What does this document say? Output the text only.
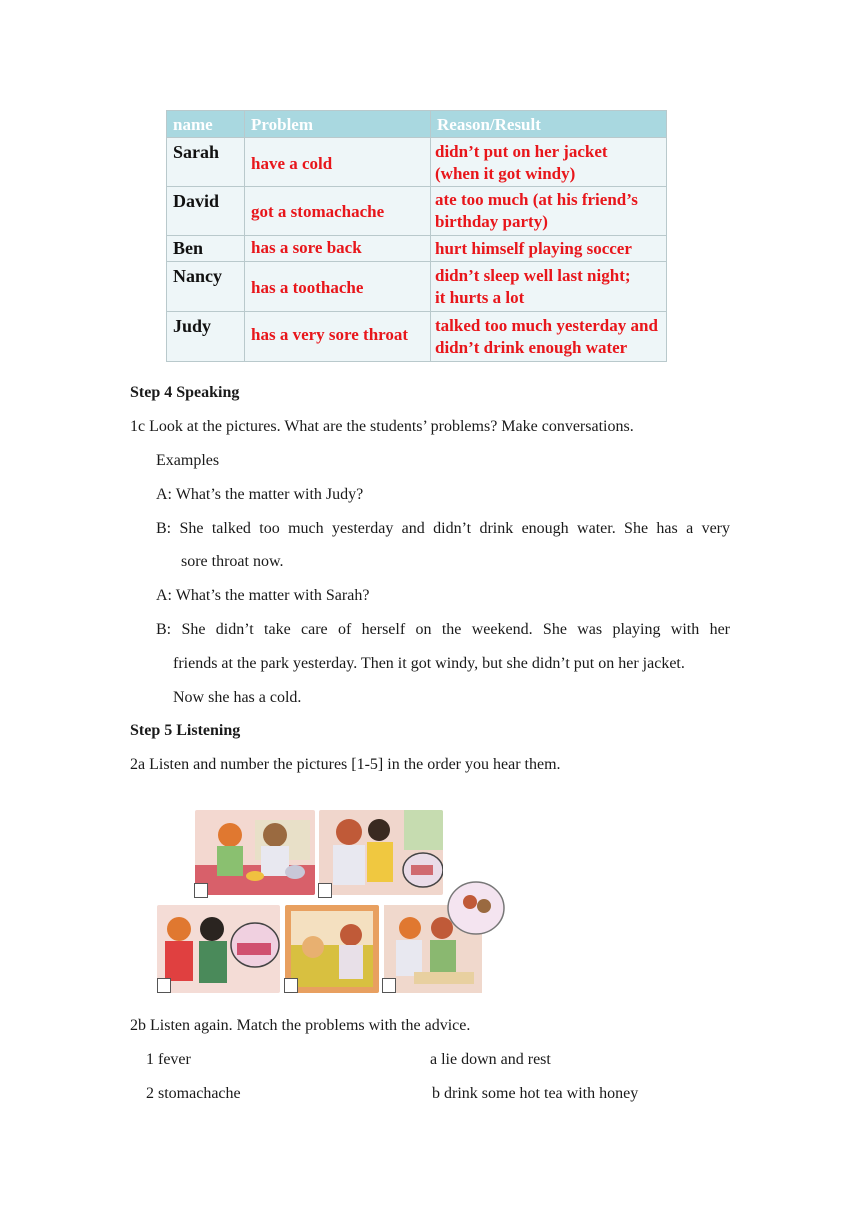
name	Problem	Reason/Result
Sarah	have a cold	didn’t put on her jacket
(when it got windy)

David	got a stomachache	ate too much (at his friend’s
birthday party)

Ben	has a sore back	hurt himself playing soccer

Nancy	has a toothache	didn’t sleep well last night;
it hurts a lot

Judy	has a very sore throat	talked too much yesterday and
didn’t drink enough water
Step 4 Speaking
1c Look at the pictures. What are the students’ problems? Make conversations.
Examples
A: What’s the matter with Judy?
B: She talked too much yesterday and didn’t drink enough water. She has a very
sore throat now.
A: What’s the matter with Sarah?
B: She didn’t take care of herself on the weekend. She was playing with her
friends at the park yesterday. Then it got windy, but she didn’t put on her jacket.
Now she has a cold.
Step 5 Listening
2a Listen and number the pictures [1-5] in the order you hear them.
2b Listen again. Match the problems with the advice.
1 fever	a lie down and rest
2 stomachache	b drink some hot tea with honey
